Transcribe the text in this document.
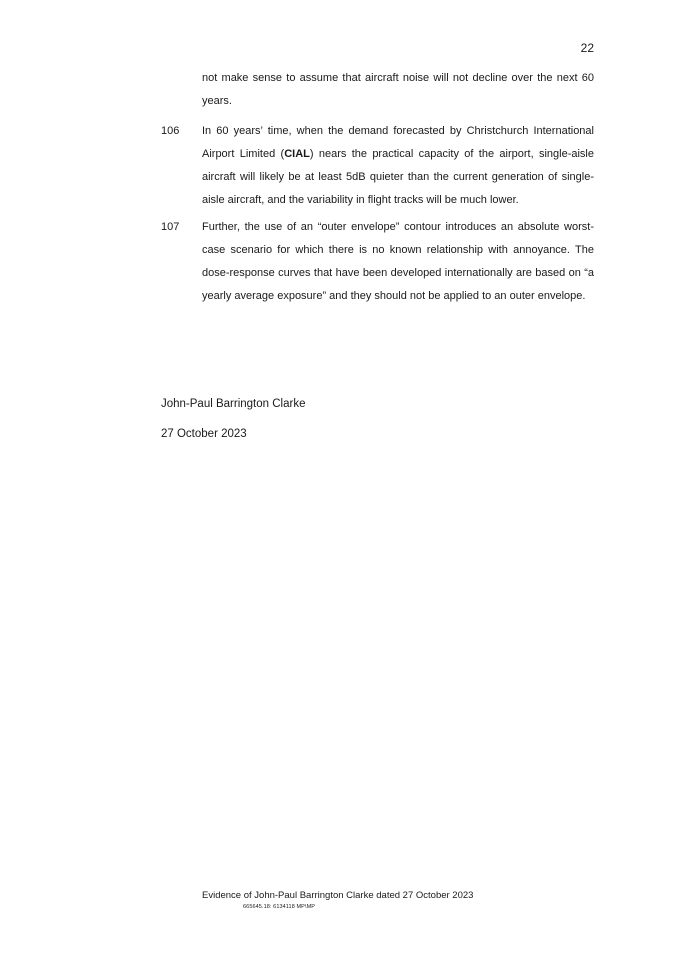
22
not make sense to assume that aircraft noise will not decline over the next 60 years.
106 In 60 years’ time, when the demand forecasted by Christchurch International Airport Limited (CIAL) nears the practical capacity of the airport, single-aisle aircraft will likely be at least 5dB quieter than the current generation of single-aisle aircraft, and the variability in flight tracks will be much lower.
107 Further, the use of an “outer envelope” contour introduces an absolute worst-case scenario for which there is no known relationship with annoyance. The dose-response curves that have been developed internationally are based on “a yearly average exposure” and they should not be applied to an outer envelope.
John-Paul Barrington Clarke
27 October 2023
Evidence of John-Paul Barrington Clarke dated 27 October 2023
665645.18: 6134118 MP\MP
